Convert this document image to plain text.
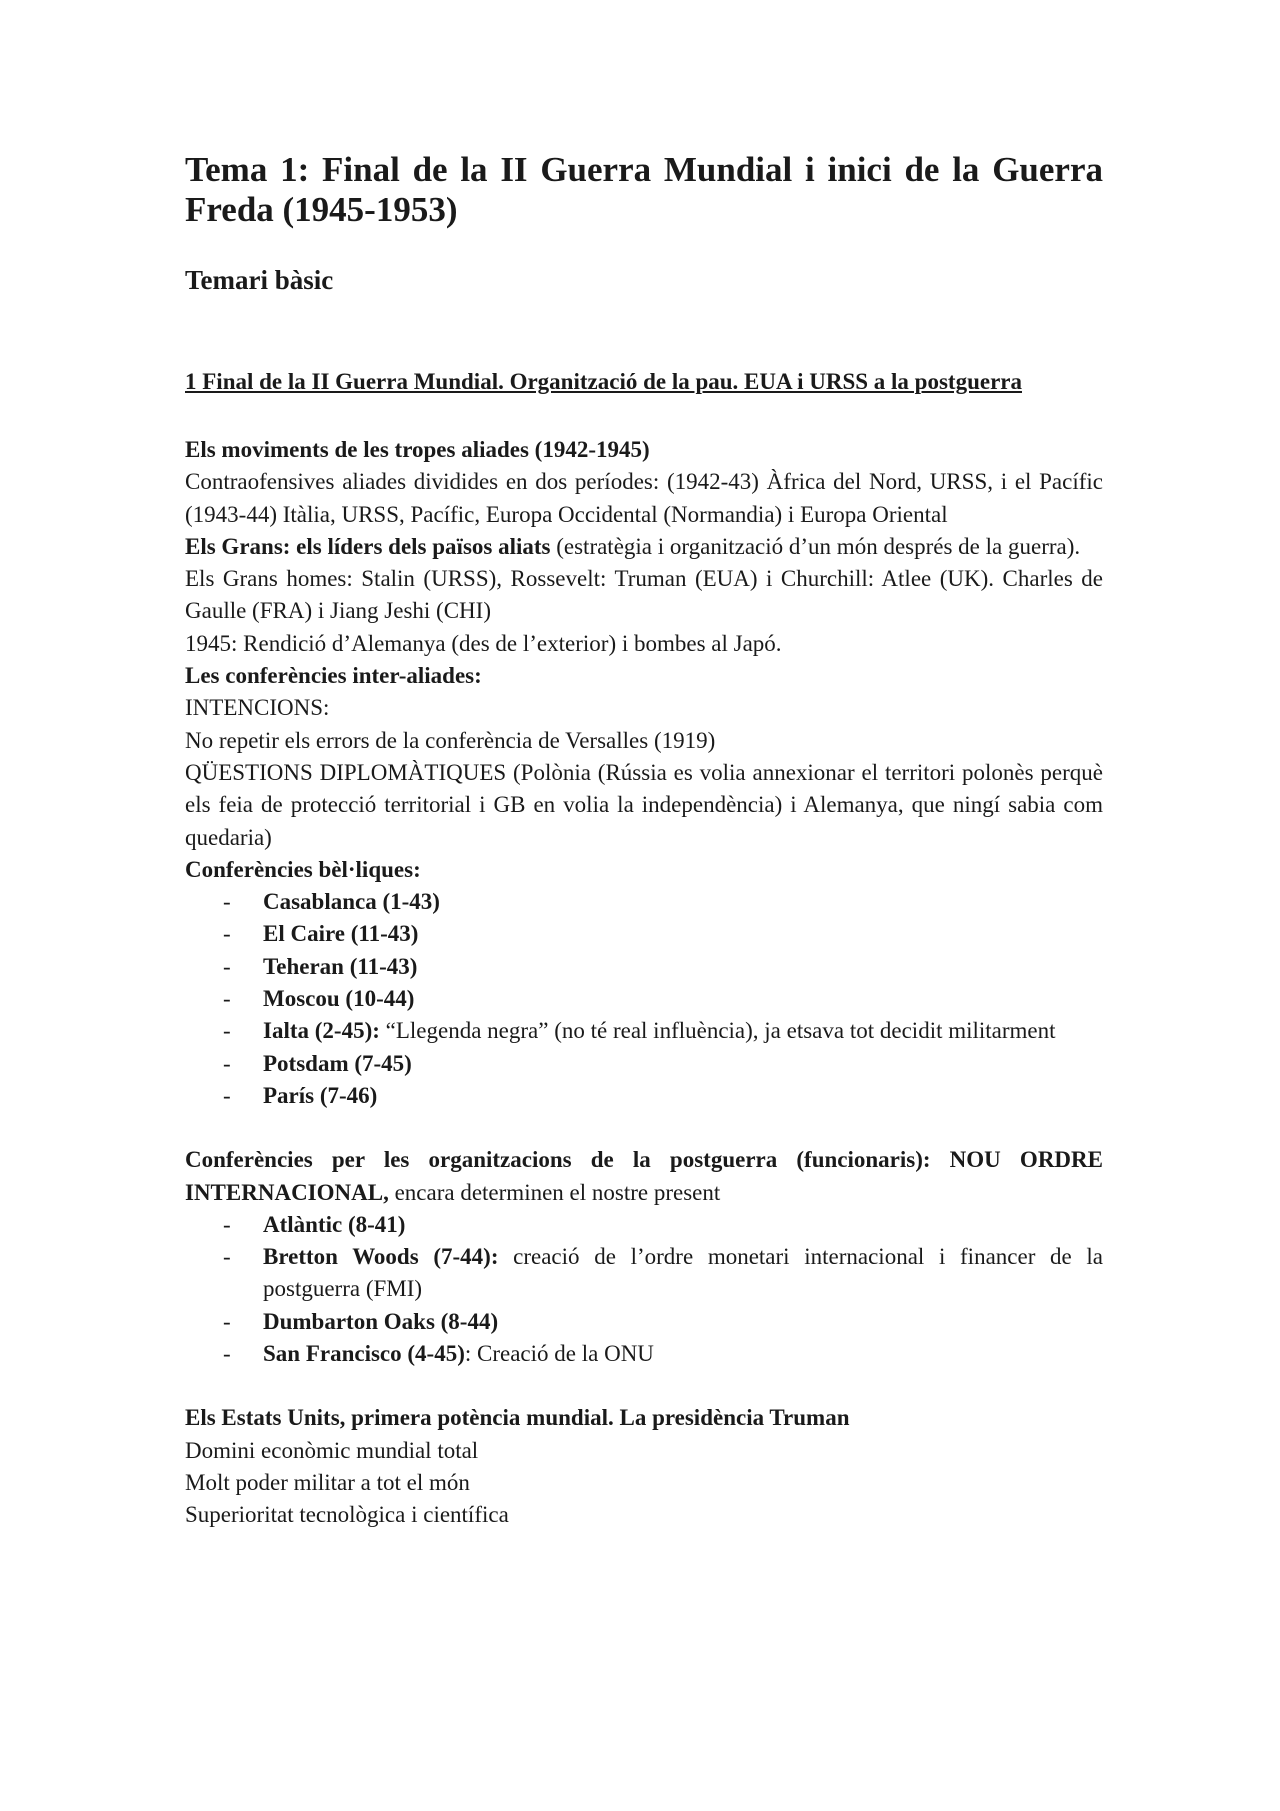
Tema 1: Final de la II Guerra Mundial i inici de la Guerra Freda (1945-1953)
Temari bàsic
1 Final de la II Guerra Mundial. Organització de la pau. EUA i URSS a la postguerra

Els moviments de les tropes aliades (1942-1945)

Contraofensives aliades dividides en dos períodes: (1942-43) Àfrica del Nord, URSS, i el Pacífic (1943-44) Itàlia, URSS, Pacífic, Europa Occidental (Normandia) i Europa Oriental

Els Grans: els líders dels països aliats (estratègia i organització d’un món després de la guerra).

Els Grans homes: Stalin (URSS), Rossevelt: Truman (EUA) i Churchill: Atlee (UK). Charles de Gaulle (FRA) i Jiang Jeshi (CHI)

1945: Rendició d’Alemanya (des de l’exterior) i bombes al Japó.

Les conferències inter-aliades:

INTENCIONS:

No repetir els errors de la conferència de Versalles (1919)

QÜESTIONS DIPLOMÀTIQUES (Polònia (Rússia es volia annexionar el territori polonès perquè els feia de protecció territorial i GB en volia la independència) i Alemanya, que ningí sabia com quedaria)

Conferències bèl·liques:

- Casablanca (1-43)
- El Caire (11-43)
- Teheran (11-43)
- Moscou (10-44)
- Ialta (2-45): “Llegenda negra” (no té real influència), ja etsava tot decidit militarment
- Potsdam (7-45)
- París (7-46)

Conferències per les organitzacions de la postguerra (funcionaris): NOU ORDRE INTERNACIONAL, encara determinen el nostre present

- Atlàntic (8-41)
- Bretton Woods (7-44): creació de l’ordre monetari internacional i financer de la postguerra (FMI)
- Dumbarton Oaks (8-44)
- San Francisco (4-45): Creació de la ONU

Els Estats Units, primera potència mundial. La presidència Truman

Domini econòmic mundial total

Molt poder militar a tot el món

Superioritat tecnològica i científica
